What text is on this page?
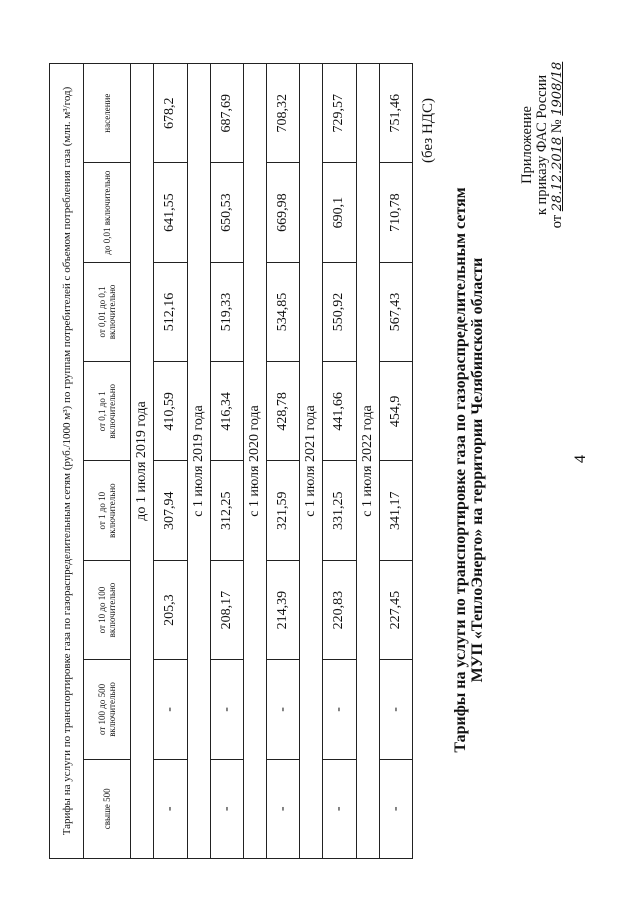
4
Приложение к приказу ФАС России
от 28.12.2018 № 1908/18
Тарифы на услуги по транспортировке газа по газораспределительным сетям МУП «ТеплоЭнерго» на территории Челябинской области
(без НДС)
Тарифы на услуги по транспортировке газа по газораспределительным сетям (руб./1000 м³) по группам потребителей с объемом потребления газа (млн. м³/год)							
свыше 500	от 100 до 500 включительно	от 10 до 100 включительно	от 1 до 10 включительно	от 0,1 до 1 включительно	от 0,01 до 0,1 включительно	до 0,01 включительно	население
до 1 июля 2019 года							
-	-	205,3	307,94	410,59	512,16	641,55	678,2
с 1 июля 2019 года							
-	-	208,17	312,25	416,34	519,33	650,53	687,69
с 1 июля 2020 года							
-	-	214,39	321,59	428,78	534,85	669,98	708,32
с 1 июля 2021 года							
-	-	220,83	331,25	441,66	550,92	690,1	729,57
с 1 июля 2022 года							
-	-	227,45	341,17	454,9	567,43	710,78	751,46
